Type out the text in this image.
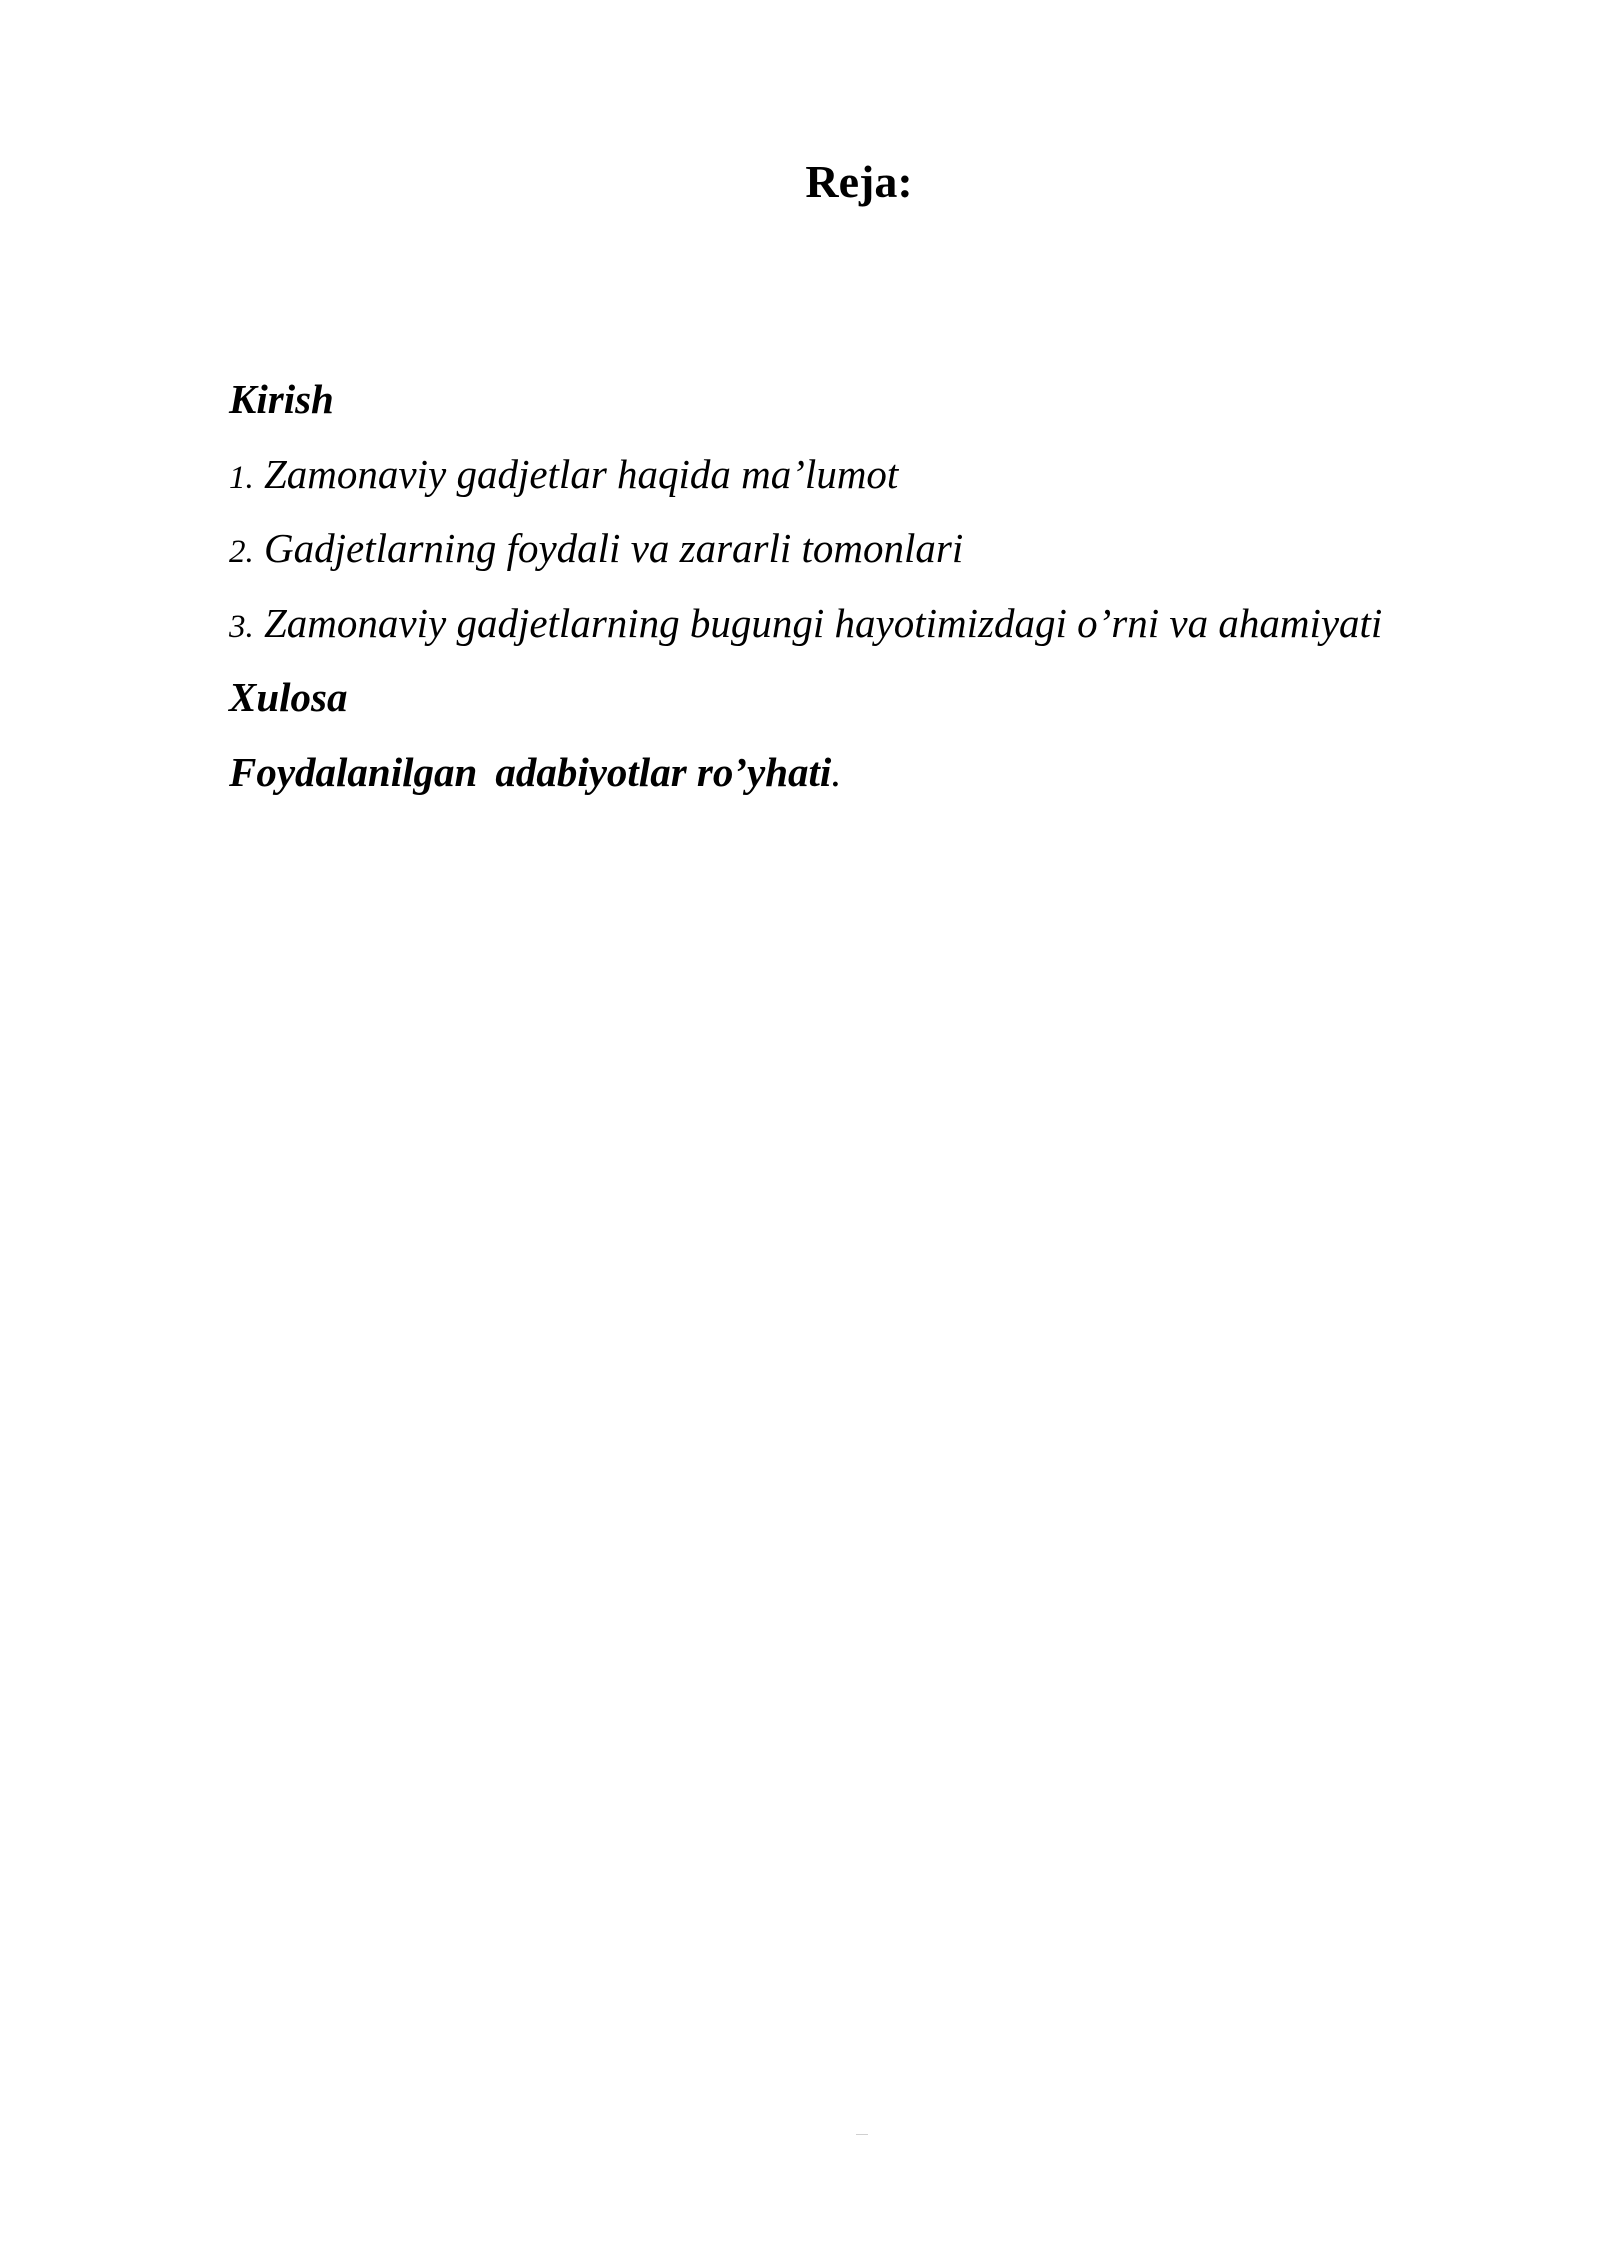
Reja:
Kirish
1. Zamonaviy gadjetlar haqida ma’lumot
2. Gadjetlarning foydali va zararli tomonlari
3. Zamonaviy gadjetlarning bugungi hayotimizdagi o’rni va ahamiyati
Xulosa
Foydalanilgan adabiyotlar ro’yhati.
